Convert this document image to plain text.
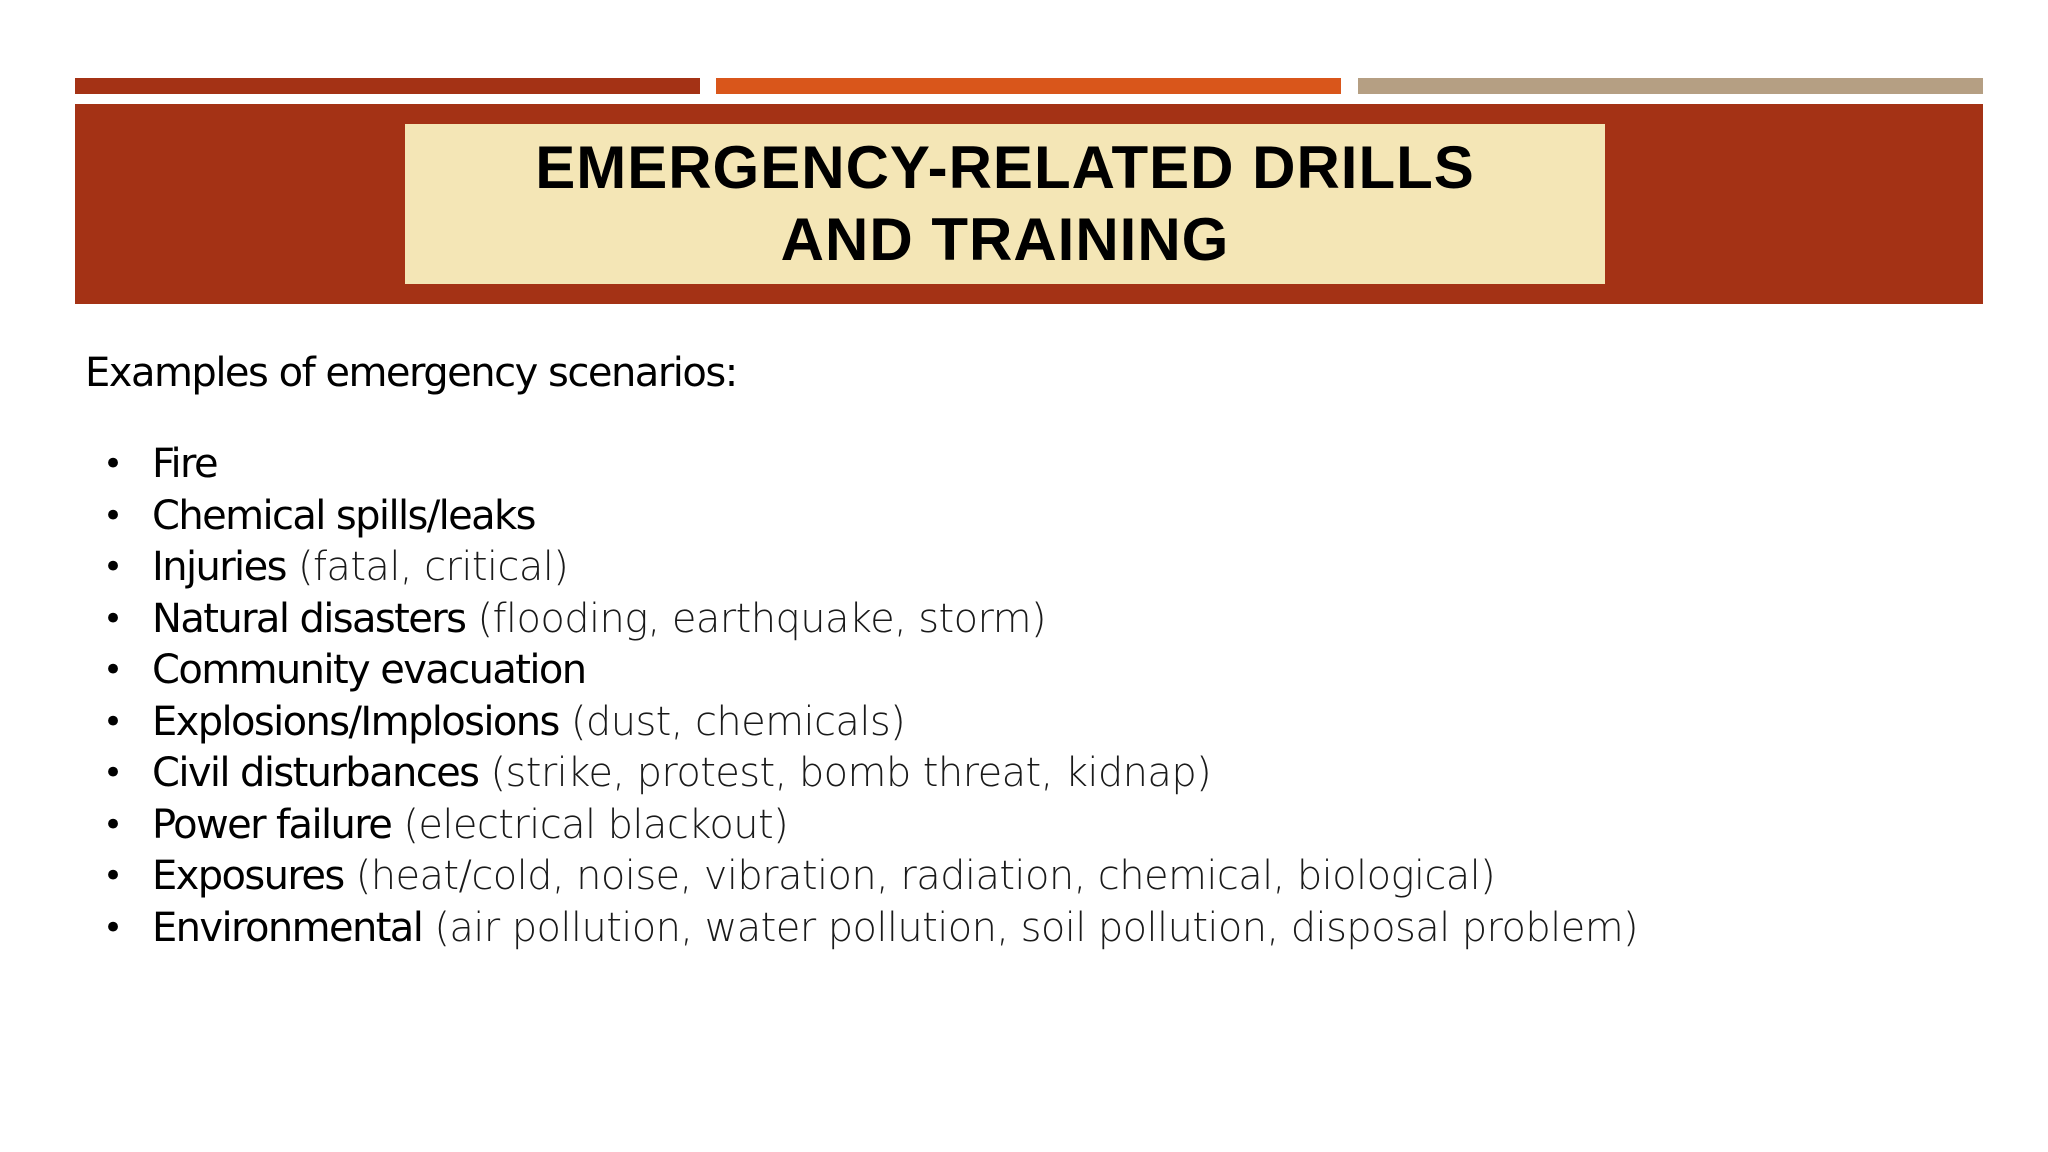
EMERGENCY-RELATED DRILLS
AND TRAINING

Examples of emergency scenarios:

• Fire
• Chemical spills/leaks
• Injuries (fatal, critical)
• Natural disasters (flooding, earthquake, storm)
• Community evacuation
• Explosions/Implosions (dust, chemicals)
• Civil disturbances (strike, protest, bomb threat, kidnap)
• Power failure (electrical blackout)
• Exposures (heat/cold, noise, vibration, radiation, chemical, biological)
• Environmental (air pollution, water pollution, soil pollution, disposal problem)
